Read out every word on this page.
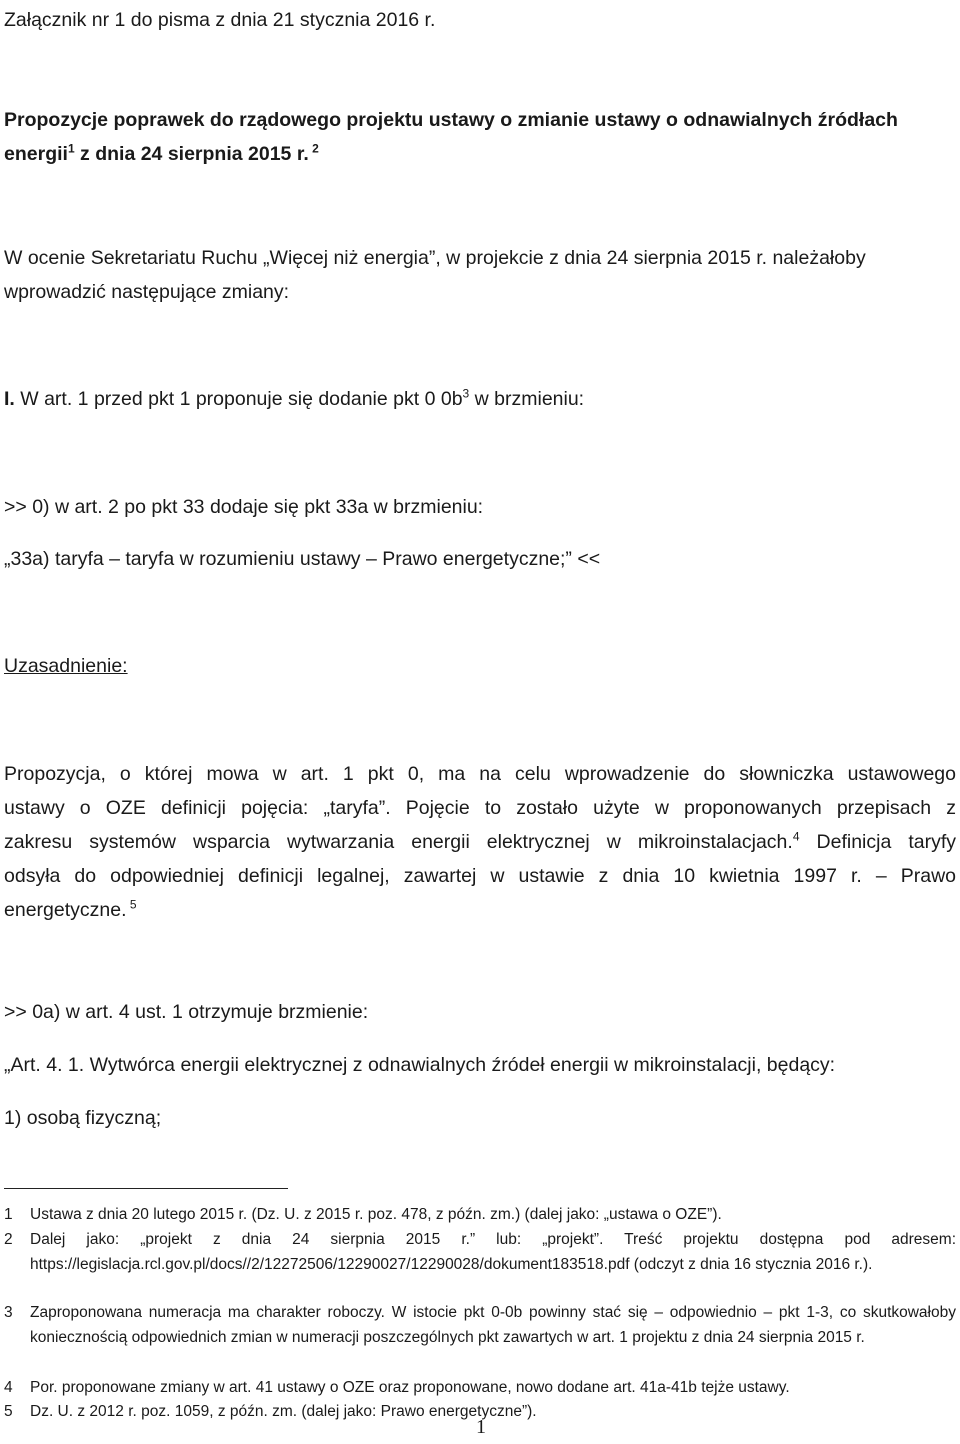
Załącznik nr 1 do pisma z dnia 21 stycznia 2016 r.
Propozycje poprawek do rządowego projektu ustawy o zmianie ustawy o odnawialnych źródłach
energii$^1$ z dnia 24 sierpnia 2015 r. $^2$
W ocenie Sekretariatu Ruchu „Więcej niż energia”, w projekcie z dnia 24 sierpnia 2015 r. należałoby
wprowadzić następujące zmiany:
I. W art. 1 przed pkt 1 proponuje się dodanie pkt 0 $0b^3$ w brzmieniu:
>> 0) w art. 2 po pkt 33 dodaje się pkt 33a w brzmieniu:
„33a) taryfa – taryfa w rozumieniu ustawy – Prawo energetyczne;” <<
Uzasadnienie:
Propozycja, o której mowa w art. 1 pkt 0, ma na celu wprowadzenie do słowniczka ustawowego
ustawy o OZE definicji pojęcia: „taryfa”. Pojęcie to zostało użyte w proponowanych przepisach z
zakresu systemów wsparcia wytwarzania energii elektrycznej w mikroinstalacjach.$^4$ Definicja taryfy
odsyła do odpowiedniej definicji legalnej, zawartej w ustawie z dnia 10 kwietnia 1997 r. – Prawo
energetyczne. $^5$
>> 0a) w art. 4 ust. 1 otrzymuje brzmienie:
„Art. 4. 1. Wytwórca energii elektrycznej z odnawialnych źródeł energii w mikroinstalacji, będący:
1) osobą fizyczną;
1 Ustawa z dnia 20 lutego 2015 r. (Dz. U. z 2015 r. poz. 478, z późn. zm.) (dalej jako: „ustawa o OZE”).
2 Dalej jako: „projekt z dnia 24 sierpnia 2015 r.” lub: „projekt”. Treść projektu dostępna pod adresem: https://legislacja.rcl.gov.pl/docs//2/12272506/12290027/12290028/dokument183518.pdf (odczyt z dnia 16 stycznia 2016 r.).
3 Zaproponowana numeracja ma charakter roboczy. W istocie pkt 0-0b powinny stać się – odpowiednio – pkt 1-3, co skutkowałoby koniecznością odpowiednich zmian w numeracji poszczególnych pkt zawartych w art. 1 projektu z dnia 24 sierpnia 2015 r.
4 Por. proponowane zmiany w art. 41 ustawy o OZE oraz proponowane, nowo dodane art. 41a-41b tejże ustawy.
5 Dz. U. z 2012 r. poz. 1059, z późn. zm. (dalej jako: Prawo energetyczne”).
1
